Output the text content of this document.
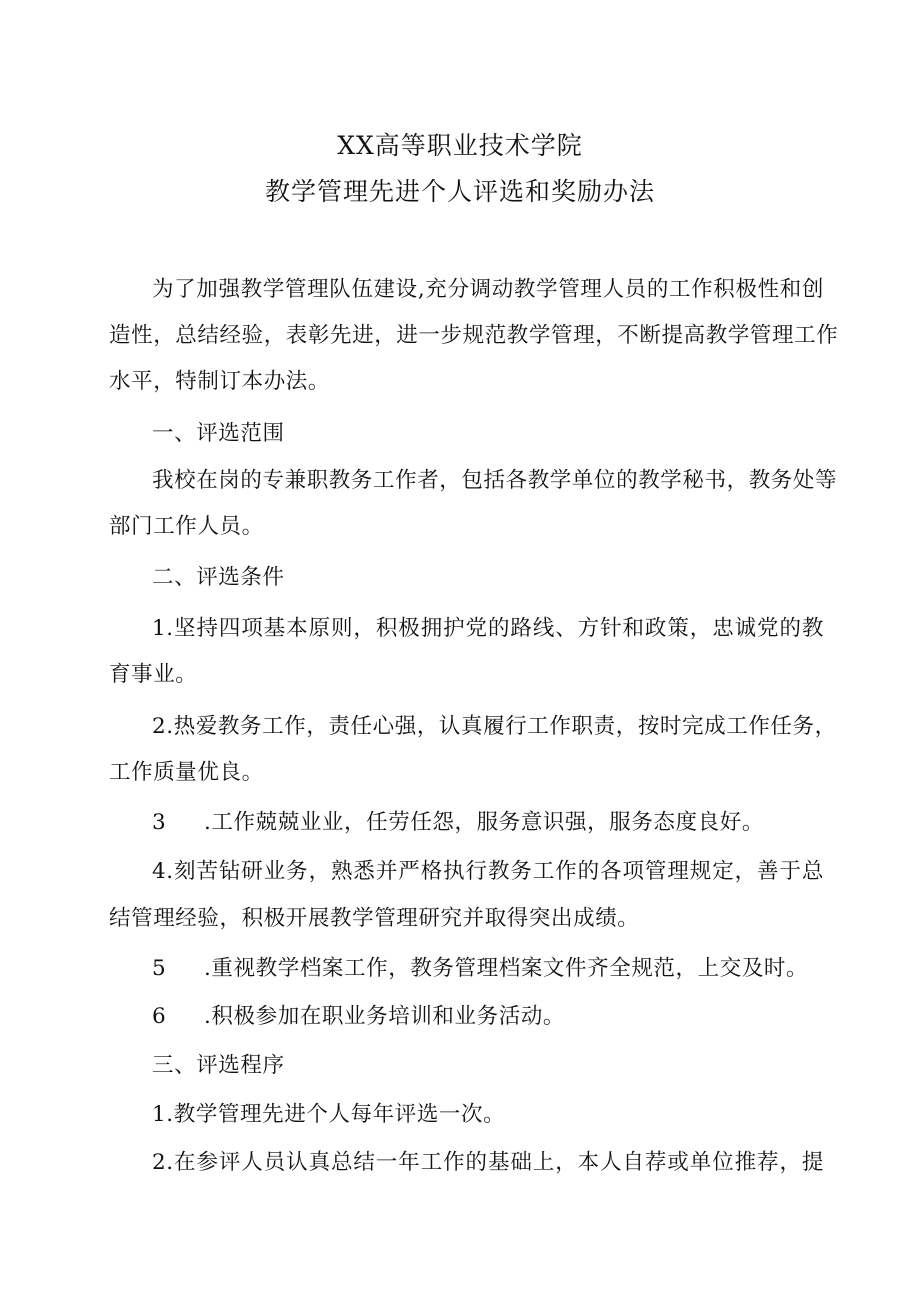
XX高等职业技术学院
教学管理先进个人评选和奖励办法
为了加强教学管理队伍建设,充分调动教学管理人员的工作积极性和创
造性，总结经验，表彰先进，进一步规范教学管理，不断提高教学管理工作
水平，特制订本办法。
一、评选范围
我校在岗的专兼职教务工作者，包括各教学单位的教学秘书，教务处等
部门工作人员。
二、评选条件
1.坚持四项基本原则，积极拥护党的路线、方针和政策，忠诚党的教
育事业。
2.热爱教务工作，责任心强，认真履行工作职责，按时完成工作任务，
工作质量优良。
3 .工作兢兢业业，任劳任怨，服务意识强，服务态度良好。
4.刻苦钻研业务，熟悉并严格执行教务工作的各项管理规定，善于总
结管理经验，积极开展教学管理研究并取得突出成绩。
5 .重视教学档案工作，教务管理档案文件齐全规范，上交及时。
6 .积极参加在职业务培训和业务活动。
三、评选程序
1.教学管理先进个人每年评选一次。
2.在参评人员认真总结一年工作的基础上，本人自荐或单位推荐，提
